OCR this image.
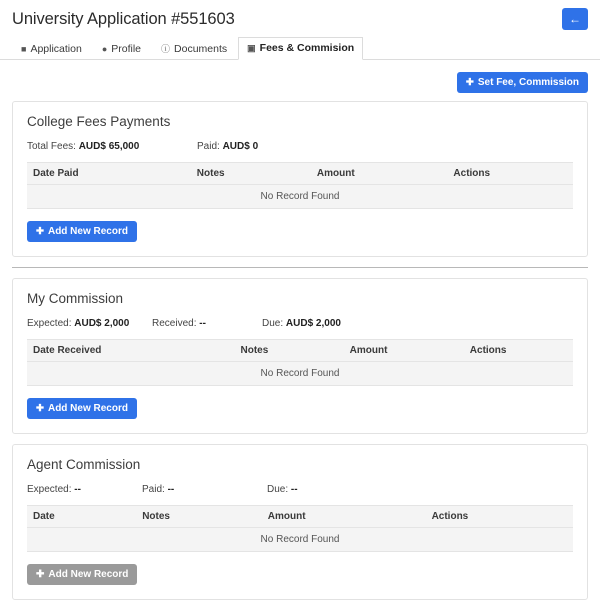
University Application #551603	←
■ Application ● Profile ⓘ Documents ▣ Fees & Commision
✚ Set Fee, Commission
College Fees Payments
Total Fees: AUD$ 65,000	Paid: AUD$ 0
Date Paid	Notes	Amount	Actions
No Record Found
✚ Add New Record
My Commission
Expected: AUD$ 2,000	Received: --	Due: AUD$ 2,000
Date Received	Notes	Amount	Actions
No Record Found
✚ Add New Record
Agent Commission
Expected: --	Paid: --	Due: --
Date	Notes	Amount	Actions
No Record Found
✚ Add New Record
